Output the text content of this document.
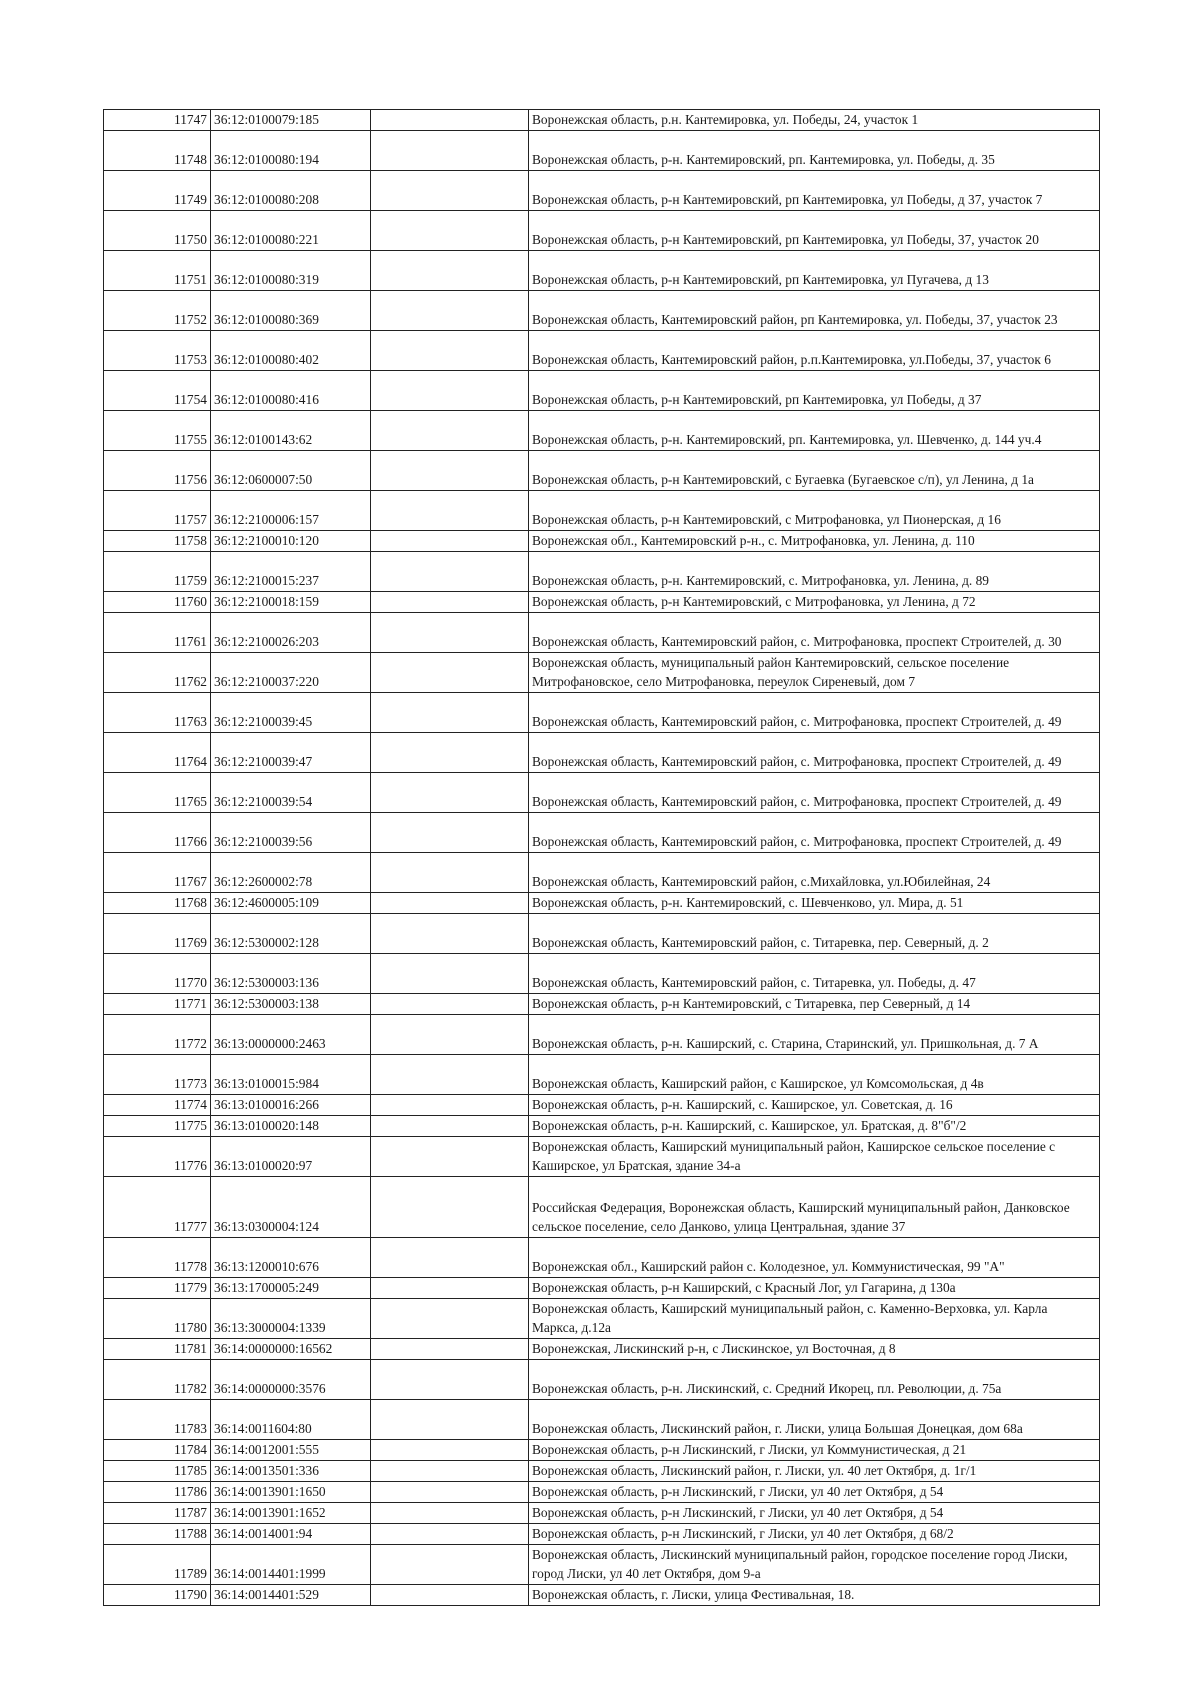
11747	36:12:0100079:185		Воронежская область, р.н. Кантемировка, ул. Победы, 24, участок 1
11748	36:12:0100080:194		Воронежская область, р-н. Кантемировский, рп. Кантемировка, ул. Победы, д. 35
11749	36:12:0100080:208		Воронежская область, р-н Кантемировский, рп Кантемировка, ул Победы, д 37, участок 7
11750	36:12:0100080:221		Воронежская область, р-н Кантемировский, рп Кантемировка, ул Победы, 37, участок 20
11751	36:12:0100080:319		Воронежская область, р-н Кантемировский, рп Кантемировка, ул Пугачева, д 13
11752	36:12:0100080:369		Воронежская область, Кантемировский район, рп Кантемировка, ул. Победы, 37, участок 23
11753	36:12:0100080:402		Воронежская область, Кантемировский район, р.п.Кантемировка, ул.Победы, 37, участок 6
11754	36:12:0100080:416		Воронежская область, р-н Кантемировский, рп Кантемировка, ул Победы, д 37
11755	36:12:0100143:62		Воронежская область, р-н. Кантемировский, рп. Кантемировка, ул. Шевченко, д. 144 уч.4
11756	36:12:0600007:50		Воронежская область, р-н Кантемировский, с Бугаевка (Бугаевское с/п), ул Ленина, д 1а
11757	36:12:2100006:157		Воронежская область, р-н Кантемировский, с Митрофановка, ул Пионерская, д 16
11758	36:12:2100010:120		Воронежская обл., Кантемировский р-н., с. Митрофановка, ул. Ленина, д. 110
11759	36:12:2100015:237		Воронежская область, р-н. Кантемировский, с. Митрофановка, ул. Ленина, д. 89
11760	36:12:2100018:159		Воронежская область, р-н Кантемировский, с Митрофановка, ул Ленина, д 72
11761	36:12:2100026:203		Воронежская область, Кантемировский район, с. Митрофановка, проспект Строителей, д. 30
11762	36:12:2100037:220		Воронежская область, муниципальный район Кантемировский, сельское поселение Митрофановское, село Митрофановка, переулок Сиреневый, дом 7
11763	36:12:2100039:45		Воронежская область, Кантемировский район, с. Митрофановка, проспект Строителей, д. 49
11764	36:12:2100039:47		Воронежская область, Кантемировский район, с. Митрофановка, проспект Строителей, д. 49
11765	36:12:2100039:54		Воронежская область, Кантемировский район, с. Митрофановка, проспект Строителей, д. 49
11766	36:12:2100039:56		Воронежская область, Кантемировский район, с. Митрофановка, проспект Строителей, д. 49
11767	36:12:2600002:78		Воронежская область, Кантемировский район, с.Михайловка, ул.Юбилейная, 24
11768	36:12:4600005:109		Воронежская область, р-н. Кантемировский, с. Шевченково, ул. Мира, д. 51
11769	36:12:5300002:128		Воронежская область, Кантемировский район, с. Титаревка, пер. Северный, д. 2
11770	36:12:5300003:136		Воронежская область, Кантемировский район, с. Титаревка, ул. Победы, д. 47
11771	36:12:5300003:138		Воронежская область, р-н Кантемировский, с Титаревка, пер Северный, д 14
11772	36:13:0000000:2463		Воронежская область, р-н. Каширский, с. Старина, Старинский, ул. Пришкольная, д. 7 А
11773	36:13:0100015:984		Воронежская область, Каширский район, с Каширское, ул Комсомольская, д 4в
11774	36:13:0100016:266		Воронежская область, р-н. Каширский, с. Каширское, ул. Советская, д. 16
11775	36:13:0100020:148		Воронежская область, р-н. Каширский, с. Каширское, ул. Братская, д. 8"б"/2
11776	36:13:0100020:97		Воронежская область, Каширский муниципальный район, Каширское сельское поселение с Каширское, ул Братская, здание 34-а
11777	36:13:0300004:124		Российская Федерация, Воронежская область, Каширский муниципальный район, Данковское сельское поселение, село Данково, улица Центральная, здание 37
11778	36:13:1200010:676		Воронежская обл., Каширский район с. Колодезное, ул. Коммунистическая, 99 "А"
11779	36:13:1700005:249		Воронежская область, р-н Каширский, с Красный Лог, ул Гагарина, д 130а
11780	36:13:3000004:1339		Воронежская область, Каширский муниципальный район, с. Каменно-Верховка, ул. Карла Маркса, д.12а
11781	36:14:0000000:16562		Воронежская, Лискинский р-н, с Лискинское, ул Восточная, д 8
11782	36:14:0000000:3576		Воронежская область, р-н. Лискинский, с. Средний Икорец, пл. Революции, д. 75а
11783	36:14:0011604:80		Воронежская область, Лискинский район, г. Лиски, улица Большая Донецкая, дом 68а
11784	36:14:0012001:555		Воронежская область, р-н Лискинский, г Лиски, ул Коммунистическая, д 21
11785	36:14:0013501:336		Воронежская область, Лискинский район, г. Лиски, ул. 40 лет Октября, д. 1г/1
11786	36:14:0013901:1650		Воронежская область, р-н Лискинский, г Лиски, ул 40 лет Октября, д 54
11787	36:14:0013901:1652		Воронежская область, р-н Лискинский, г Лиски, ул 40 лет Октября, д 54
11788	36:14:0014001:94		Воронежская область, р-н Лискинский, г Лиски, ул 40 лет Октября, д 68/2
11789	36:14:0014401:1999		Воронежская область, Лискинский муниципальный район, городское поселение город Лиски, город Лиски, ул 40 лет Октября, дом 9-а
11790	36:14:0014401:529		Воронежская область, г. Лиски, улица Фестивальная, 18.
